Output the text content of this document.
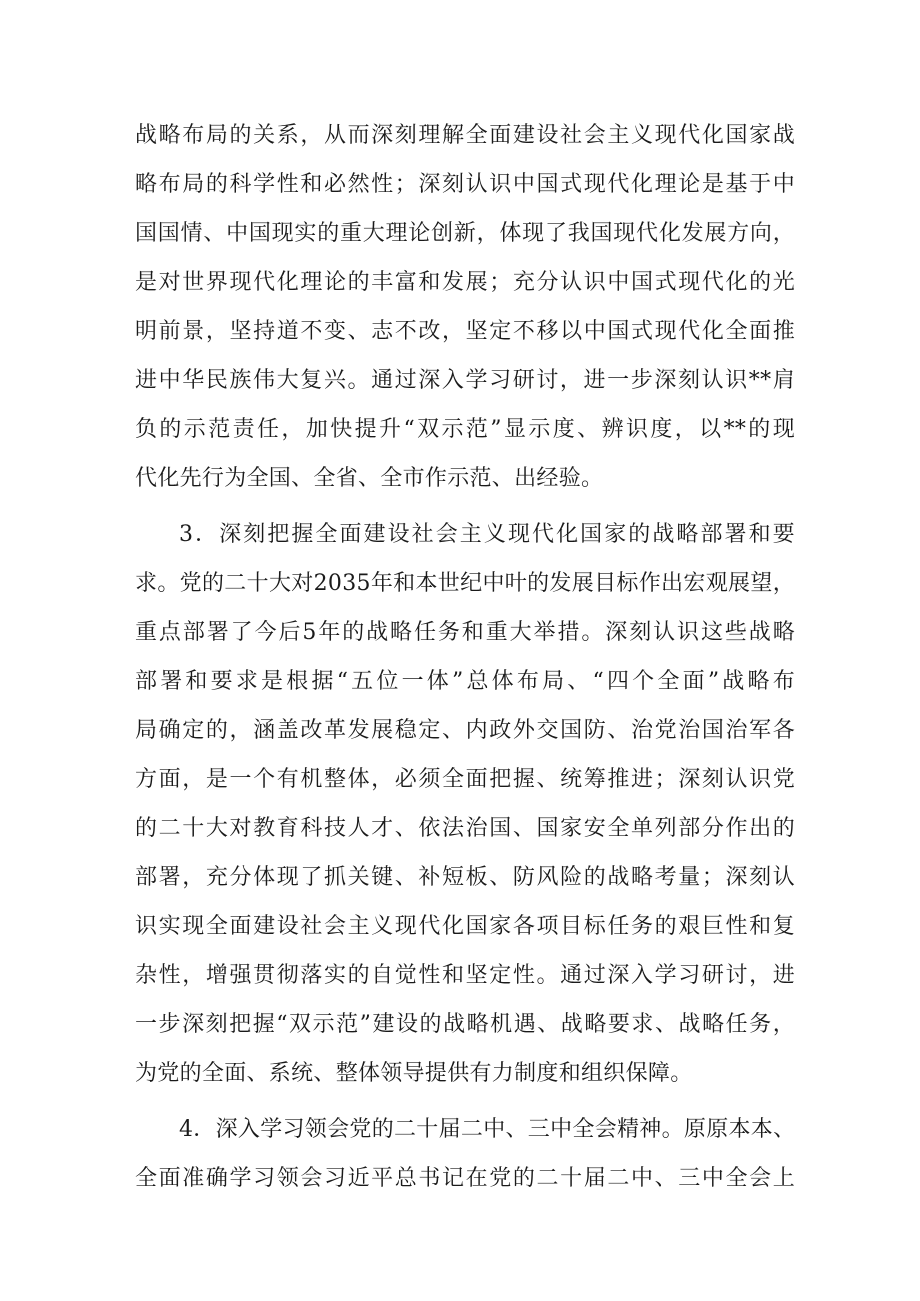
战略布局的关系，从而深刻理解全面建设社会主义现代化国家战
略布局的科学性和必然性；深刻认识中国式现代化理论是基于中
国国情、中国现实的重大理论创新，体现了我国现代化发展方向，
是对世界现代化理论的丰富和发展；充分认识中国式现代化的光
明前景，坚持道不变、志不改，坚定不移以中国式现代化全面推
进中华民族伟大复兴。通过深入学习研讨，进一步深刻认识**肩
负的示范责任，加快提升“双示范”显示度、辨识度，以**的现
代化先行为全国、全省、全市作示范、出经验。
3．深刻把握全面建设社会主义现代化国家的战略部署和要
求。党的二十大对2035年和本世纪中叶的发展目标作出宏观展望，
重点部署了今后5年的战略任务和重大举措。深刻认识这些战略
部署和要求是根据“五位一体”总体布局、“四个全面”战略布
局确定的，涵盖改革发展稳定、内政外交国防、治党治国治军各
方面，是一个有机整体，必须全面把握、统筹推进；深刻认识党
的二十大对教育科技人才、依法治国、国家安全单列部分作出的
部署，充分体现了抓关键、补短板、防风险的战略考量；深刻认
识实现全面建设社会主义现代化国家各项目标任务的艰巨性和复
杂性，增强贯彻落实的自觉性和坚定性。通过深入学习研讨，进
一步深刻把握“双示范”建设的战略机遇、战略要求、战略任务，
为党的全面、系统、整体领导提供有力制度和组织保障。
4．深入学习领会党的二十届二中、三中全会精神。原原本本、
全面准确学习领会习近平总书记在党的二十届二中、三中全会上
